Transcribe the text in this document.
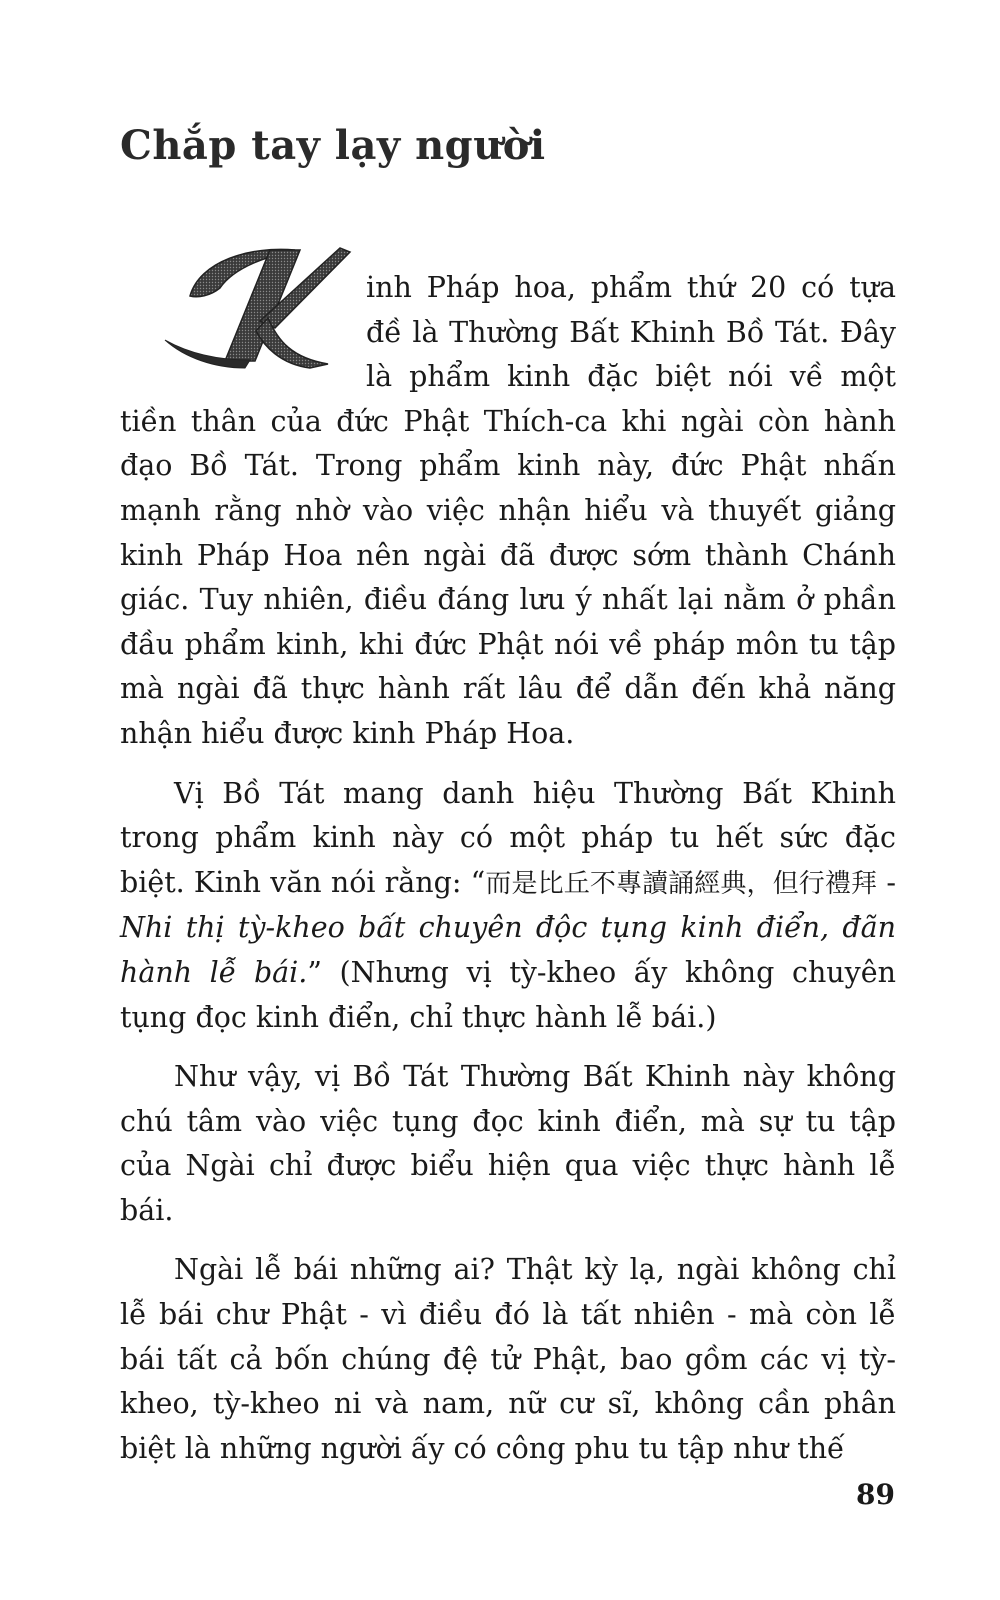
Chắp tay lạy người

K
inh Pháp hoa, phẩm thứ 20 có tựa đề là Thường Bất Khinh Bồ Tát. Đây là phẩm kinh đặc biệt nói về một tiền thân của đức Phật Thích-ca khi ngài còn hành đạo Bồ Tát. Trong phẩm kinh này, đức Phật nhấn mạnh rằng nhờ vào việc nhận hiểu và thuyết giảng kinh Pháp Hoa nên ngài đã được sớm thành Chánh giác. Tuy nhiên, điều đáng lưu ý nhất lại nằm ở phần đầu phẩm kinh, khi đức Phật nói về pháp môn tu tập mà ngài đã thực hành rất lâu để dẫn đến khả năng nhận hiểu được kinh Pháp Hoa.

Vị Bồ Tát mang danh hiệu Thường Bất Khinh trong phẩm kinh này có một pháp tu hết sức đặc biệt. Kinh văn nói rằng: “而是比丘不專讀誦經典，但行禮拜 - Nhi thị tỳ-kheo bất chuyên độc tụng kinh điển, đãn hành lễ bái.” (Nhưng vị tỳ-kheo ấy không chuyên tụng đọc kinh điển, chỉ thực hành lễ bái.)

Như vậy, vị Bồ Tát Thường Bất Khinh này không chú tâm vào việc tụng đọc kinh điển, mà sự tu tập của Ngài chỉ được biểu hiện qua việc thực hành lễ bái.

Ngài lễ bái những ai? Thật kỳ lạ, ngài không chỉ lễ bái chư Phật - vì điều đó là tất nhiên - mà còn lễ bái tất cả bốn chúng đệ tử Phật, bao gồm các vị tỳ-kheo, tỳ-kheo ni và nam, nữ cư sĩ, không cần phân biệt là những người ấy có công phu tu tập như thế

89
